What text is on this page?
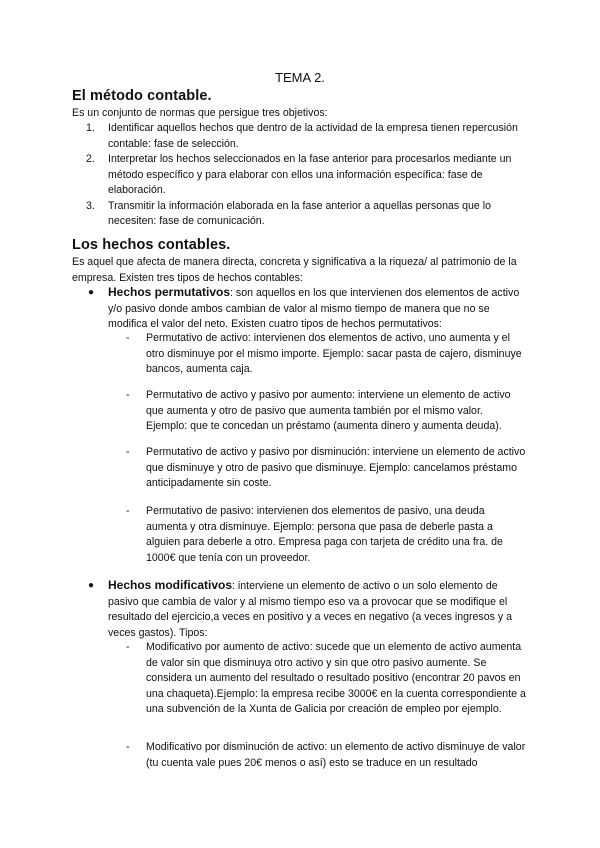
TEMA 2.
El método contable.
Es un conjunto de normas que persigue tres objetivos:
1. Identificar aquellos hechos que dentro de la actividad de la empresa tienen repercusión contable: fase de selección.
2. Interpretar los hechos seleccionados en la fase anterior para procesarlos mediante un método específico y para elaborar con ellos una información específica: fase de elaboración.
3. Transmitir la información elaborada en la fase anterior a aquellas personas que lo necesiten: fase de comunicación.
Los hechos contables.
Es aquel que afecta de manera directa, concreta y significativa a la riqueza/ al patrimonio de la empresa. Existen tres tipos de hechos contables:
● Hechos permutativos: son aquellos en los que intervienen dos elementos de activo y/o pasivo donde ambos cambian de valor al mismo tiempo de manera que no se modifica el valor del neto. Existen cuatro tipos de hechos permutativos:
- Permutativo de activo: intervienen dos elementos de activo, uno aumenta y el otro disminuye por el mismo importe. Ejemplo: sacar pasta de cajero, disminuye bancos, aumenta caja.
- Permutativo de activo y pasivo por aumento: interviene un elemento de activo que aumenta y otro de pasivo que aumenta también por el mismo valor. Ejemplo: que te concedan un préstamo (aumenta dinero y aumenta deuda).
- Permutativo de activo y pasivo por disminución: interviene un elemento de activo que disminuye y otro de pasivo que disminuye. Ejemplo: cancelamos préstamo anticipadamente sin coste.
- Permutativo de pasivo: intervienen dos elementos de pasivo, una deuda aumenta y otra disminuye. Ejemplo: persona que pasa de deberle pasta a alguien para deberle a otro. Empresa paga con tarjeta de crédito una fra. de 1000€ que tenía con un proveedor.
● Hechos modificativos: interviene un elemento de activo o un solo elemento de pasivo que cambia de valor y al mismo tiempo eso va a provocar que se modifique el resultado del ejercicio,a veces en positivo y a veces en negativo (a veces ingresos y a veces gastos). Tipos:
- Modificativo por aumento de activo: sucede que un elemento de activo aumenta de valor sin que disminuya otro activo y sin que otro pasivo aumente. Se considera un aumento del resultado o resultado positivo (encontrar 20 pavos en una chaqueta).Ejemplo: la empresa recibe 3000€ en la cuenta correspondiente a una subvención de la Xunta de Galicia por creación de empleo por ejemplo.
- Modificativo por disminución de activo: un elemento de activo disminuye de valor (tu cuenta vale pues 20€ menos o así) esto se traduce en un resultado
